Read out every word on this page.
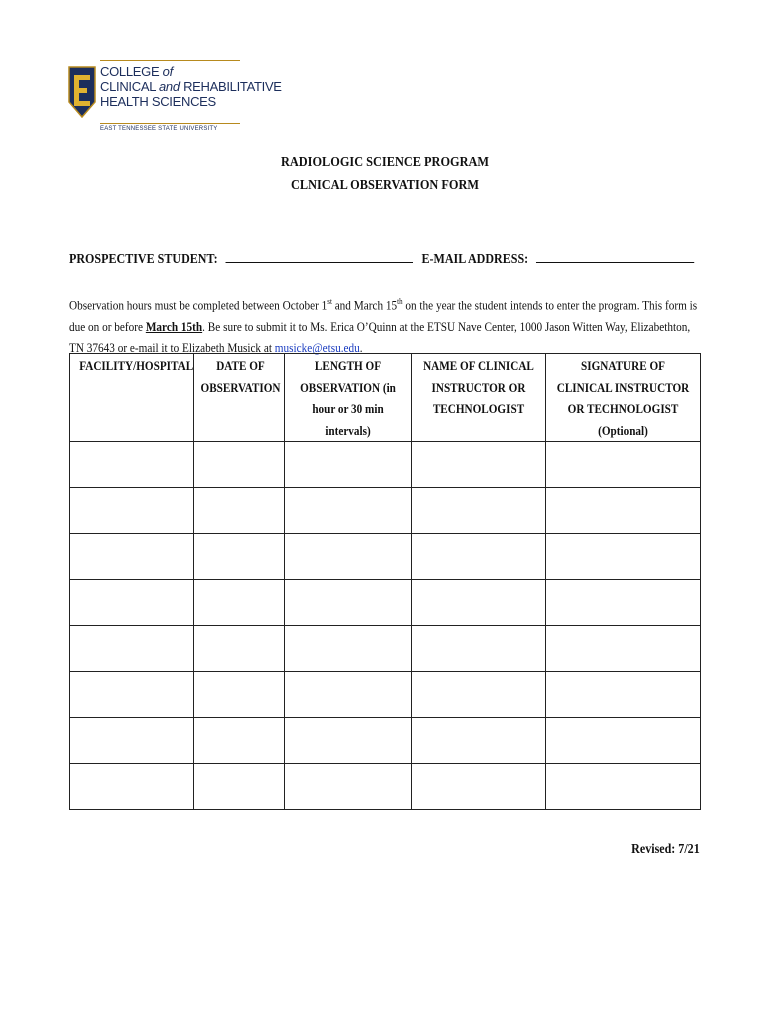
COLLEGE of
CLINICAL and REHABILITATIVE
HEALTH SCIENCES
EAST TENNESSEE STATE UNIVERSITY
RADIOLOGIC SCIENCE PROGRAM
CLNICAL OBSERVATION FORM
PROSPECTIVE STUDENT:	E-MAIL ADDRESS:
Observation hours must be completed between October 1st and March 15th on the year the student intends to enter the program. This form is due on or before March 15th. Be sure to submit it to Ms. Erica O’Quinn at the ETSU Nave Center, 1000 Jason Witten Way, Elizabethton, TN 37643 or e-mail it to Elizabeth Musick at musicke@etsu.edu.
FACILITY/HOSPITAL	DATE OF OBSERVATION	LENGTH OF OBSERVATION (in hour or 30 min intervals)	NAME OF CLINICAL INSTRUCTOR OR TECHNOLOGIST	SIGNATURE OF CLINICAL INSTRUCTOR OR TECHNOLOGIST (Optional)

Revised: 7/21
